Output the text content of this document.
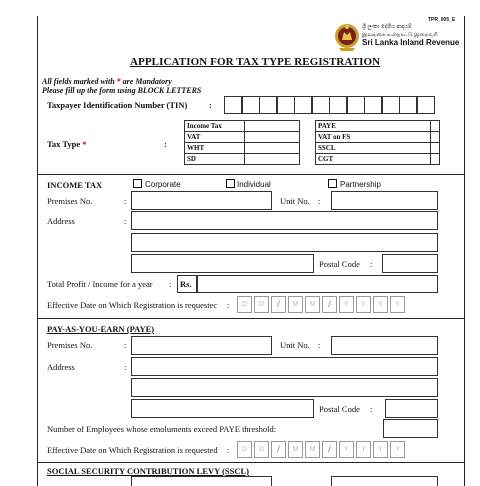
TPR_005_E
ශ්‍රී ලංකා දේශීය ආදායම්
இலங்கை உள்நாட்டு இறைவரி
Sri Lanka Inland Revenue
APPLICATION FOR TAX TYPE REGISTRATION
All fields marked with * are Mandatory
Please fill up the form using BLOCK LETTERS
Taxpayer Identification Number (TIN)	:
Tax Type *	:
Income Tax	PAYE
VAT	VAT on FS
WHT	SSCL
SD	CGT
INCOME TAX	Corporate	Individual	Partnership
Premises No.	:	Unit No. :
Address	:
Postal Code :
Total Profit / Income for a year :	Rs.
Effective Date on Which Registration is requestec :	D	D	/	M	M	/	Y	Y	Y	Y
PAY-AS-YOU-EARN (PAYE)
Premises No.	:	Unit No. :
Address	:
Postal Code :
Number of Employees whose emoluments exceed PAYE threshold:
Effective Date on Which Registration is requested :	D	D	/	M	M	/	Y	Y	Y	Y
SOCIAL SECURITY CONTRIBUTION LEVY (SSCL)
